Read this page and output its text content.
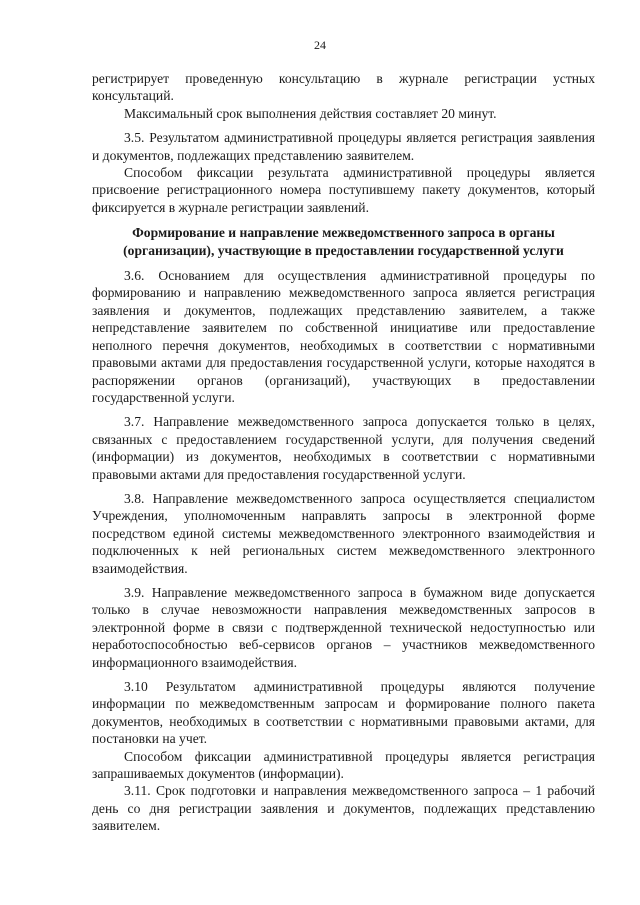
24

регистрирует проведенную консультацию в журнале регистрации устных консультаций.

Максимальный срок выполнения действия составляет 20 минут.

3.5. Результатом административной процедуры является регистрация заявления и документов, подлежащих представлению заявителем.

Способом фиксации результата административной процедуры является присвоение регистрационного номера поступившему пакету документов, который фиксируется в журнале регистрации заявлений.

Формирование и направление межведомственного запроса в органы (организации), участвующие в предоставлении государственной услуги

3.6. Основанием для осуществления административной процедуры по формированию и направлению межведомственного запроса является регистрация заявления и документов, подлежащих представлению заявителем, а также непредставление заявителем по собственной инициативе или предоставление неполного перечня документов, необходимых в соответствии с нормативными правовыми актами для предоставления государственной услуги, которые находятся в распоряжении органов (организаций), участвующих в предоставлении государственной услуги.

3.7. Направление межведомственного запроса допускается только в целях, связанных с предоставлением государственной услуги, для получения сведений (информации) из документов, необходимых в соответствии с нормативными правовыми актами для предоставления государственной услуги.

3.8. Направление межведомственного запроса осуществляется специалистом Учреждения, уполномоченным направлять запросы в электронной форме посредством единой системы межведомственного электронного взаимодействия и подключенных к ней региональных систем межведомственного электронного взаимодействия.

3.9. Направление межведомственного запроса в бумажном виде допускается только в случае невозможности направления межведомственных запросов в электронной форме в связи с подтвержденной технической недоступностью или неработоспособностью веб-сервисов органов – участников межведомственного информационного взаимодействия.

3.10 Результатом административной процедуры являются получение информации по межведомственным запросам и формирование полного пакета документов, необходимых в соответствии с нормативными правовыми актами, для постановки на учет.

Способом фиксации административной процедуры является регистрация запрашиваемых документов (информации).

3.11. Срок подготовки и направления межведомственного запроса – 1 рабочий день со дня регистрации заявления и документов, подлежащих представлению заявителем.
